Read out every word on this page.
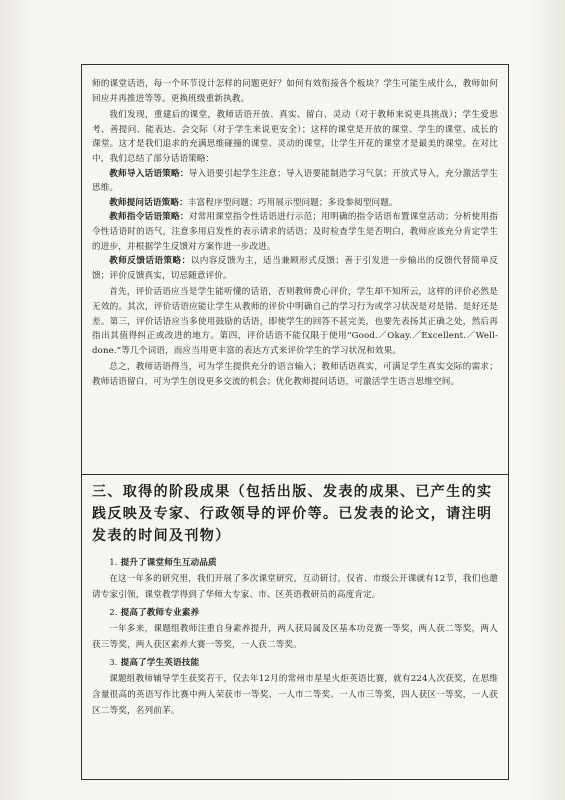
师的课堂话语，每一个环节设计怎样的问题更好？如何有效衔接各个板块？学生可能生成什么，教师如何回应并再推进等等。更换班级重新执教。

我们发现，重建后的课堂，教师话语开放、真实、留白、灵动（对于教师来说更具挑战）；学生爱思考、善提问、能表达、会交际（对于学生来说更安全）；这样的课堂是开放的课堂、学生的课堂、成长的课堂。这才是我们追求的充满思维碰撞的课堂、灵动的课堂，让学生开花的课堂才是最美的课堂。在对比中，我们总结了部分话语策略：

教师导入话语策略：导入语要引起学生注意；导入语要能制造学习气氛；开放式导入，充分激活学生思维。

教师提问话语策略：丰富程序型问题；巧用展示型问题；多设参阅型问题。

教师指令话语策略：对常用课堂指令性话语进行示范；用明确的指令话语布置课堂活动；分析使用指令性话语时的语气，注意多用启发性的表示请求的话语；及时检查学生是否明白，教师应该充分肯定学生的进步，并根据学生反馈对方案作进一步改进。

教师反馈话语策略：以内容反馈为主，适当兼顾形式反馈；善于引发进一步输出的反馈代替简单反馈；评价反馈真实，切忌随意评价。

首先，评价话语应当是学生能听懂的话语，否则教师费心评价，学生却不知所云，这样的评价必然是无效的。其次，评价话语应能让学生从教师的评价中明确自己的学习行为或学习状况是对是错、是好还是差。第三，评价话语应当多使用鼓励的话语，即使学生的回答不甚完美，也要先表扬其正确之处，然后再指出其值得纠正或改进的地方。第四，评价话语不能仅限于使用“Good.／Okay.／Excellent.／Well-done.”等几个词语，而应当用更丰富的表达方式来评价学生的学习状况和效果。

总之，教师话语得当，可为学生提供充分的语言输入；教师话语真实，可满足学生真实交际的需求；教师话语留白，可为学生创设更多交流的机会；优化教师提问话语，可激活学生语言思维空间。

三、取得的阶段成果（包括出版、发表的成果、已产生的实践反映及专家、行政领导的评价等。已发表的论文，请注明发表的时间及刊物）

1. 提升了课堂师生互动品质

在这一年多的研究里，我们开展了多次课堂研究，互动研讨，仅省、市级公开课就有12节，我们也邀请专家引领，课堂教学得到了华师大专家、市、区英语教研员的高度肯定。

2. 提高了教师专业素养

一年多来，课题组教师注重自身素养提升，两人获局属及区基本功竞赛一等奖，两人获二等奖，两人获三等奖，两人获区素养大赛一等奖，一人获二等奖。

3. 提高了学生英语技能

课题组教师辅导学生获奖若干，仅去年12月的常州市星星火炬英语比赛，就有224人次获奖，在思维含量很高的英语写作比赛中两人荣获市一等奖、一人市二等奖、一人市三等奖，四人获区一等奖，一人获区二等奖，名列前茅。
